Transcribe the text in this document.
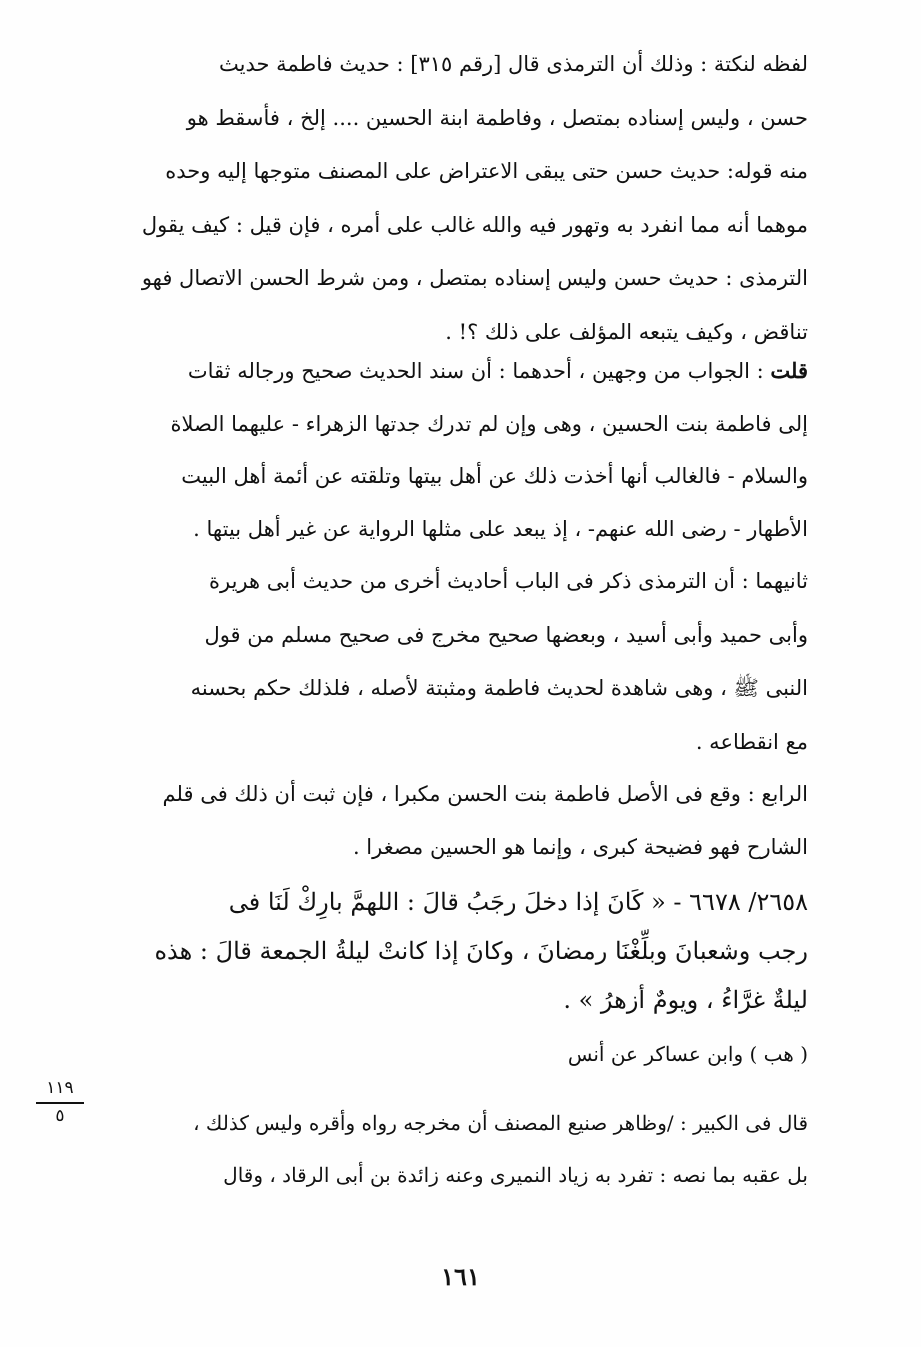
لفظه لنكتة : وذلك أن الترمذى قال [رقم ٣١٥] : حديث فاطمة حديث
حسن ، وليس إسناده بمتصل ، وفاطمة ابنة الحسين .... إلخ ، فأسقط هو
منه قوله: حديث حسن حتى يبقى الاعتراض على المصنف متوجها إليه وحده
موهما أنه مما انفرد به وتهور فيه والله غالب على أمره ، فإن قيل : كيف يقول
الترمذى : حديث حسن وليس إسناده بمتصل ، ومن شرط الحسن الاتصال فهو
تناقض ، وكيف يتبعه المؤلف على ذلك ؟! .
قلت : الجواب من وجهين ، أحدهما : أن سند الحديث صحيح ورجاله ثقات
إلى فاطمة بنت الحسين ، وهى وإن لم تدرك جدتها الزهراء - عليهما الصلاة
والسلام - فالغالب أنها أخذت ذلك عن أهل بيتها وتلقته عن أئمة أهل البيت
الأطهار - رضى الله عنهم- ، إذ يبعد على مثلها الرواية عن غير أهل بيتها .
ثانيهما : أن الترمذى ذكر فى الباب أحاديث أخرى من حديث أبى هريرة
وأبى حميد وأبى أسيد ، وبعضها صحيح مخرج فى صحيح مسلم من قول
النبى ﷺ ، وهى شاهدة لحديث فاطمة ومثبتة لأصله ، فلذلك حكم بحسنه
مع انقطاعه .
الرابع : وقع فى الأصل فاطمة بنت الحسن مكبرا ، فإن ثبت أن ذلك فى قلم
الشارح فهو فضيحة كبرى ، وإنما هو الحسين مصغرا .
٢٦٥٨/ ٦٦٧٨ - « كَانَ إذا دخلَ رجَبُ قالَ : اللهمَّ بارِكْ لَنَا فى
رجب وشعبانَ وبلِّغْنَا رمضانَ ، وكانَ إذا كانتْ ليلةُ الجمعة قالَ : هذه
ليلةٌ غرَّاءُ ، ويومٌ أزهرُ » .
( هب ) وابن عساكر عن أنس
١١٩
٥	قال فى الكبير : /وظاهر صنيع المصنف أن مخرجه رواه وأقره وليس كذلك ،
بل عقبه بما نصه : تفرد به زياد النميرى وعنه زائدة بن أبى الرقاد ، وقال
١٦١
